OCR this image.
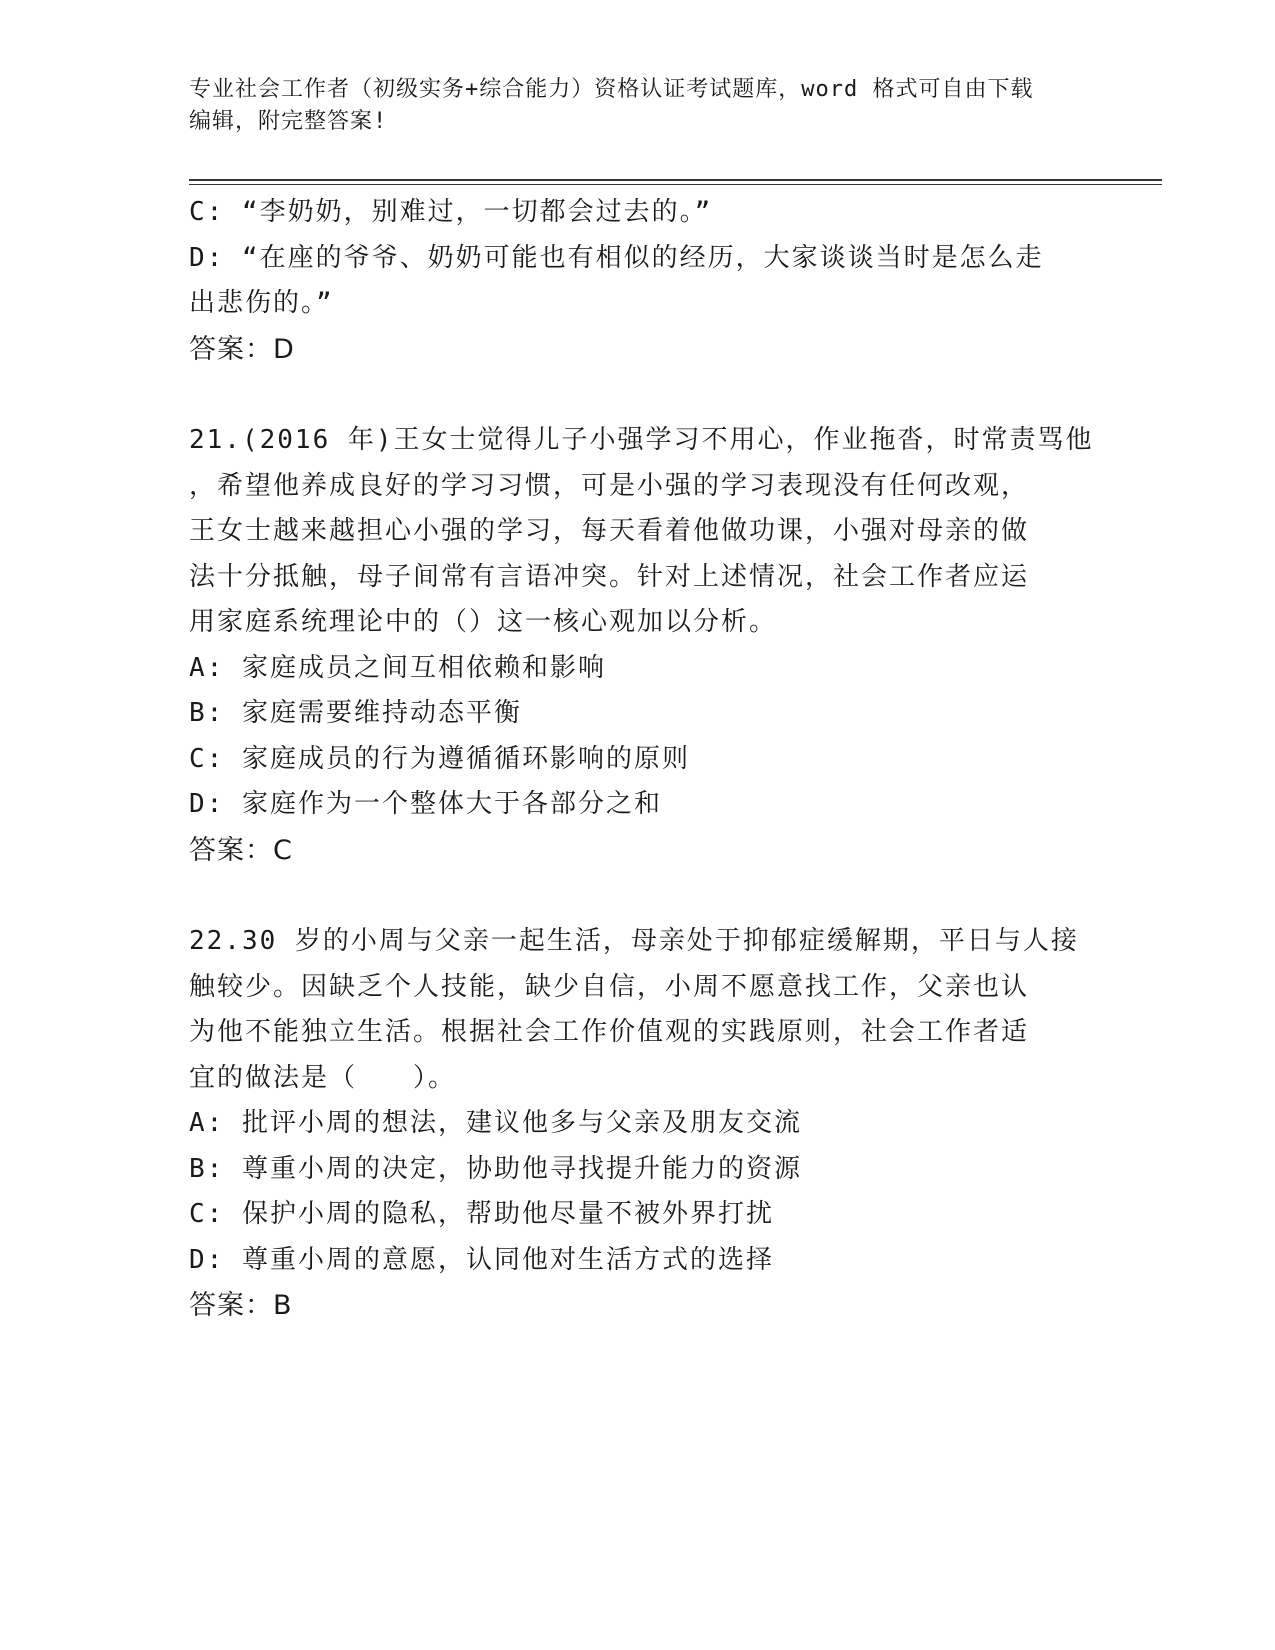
专业社会工作者（初级实务+综合能力）资格认证考试题库，word 格式可自由下载
编辑，附完整答案!
C: “李奶奶，别难过，一切都会过去的。”
D: “在座的爷爷、奶奶可能也有相似的经历，大家谈谈当时是怎么走
出悲伤的。”
答案：D
21.(2016 年)王女士觉得儿子小强学习不用心，作业拖沓，时常责骂他
，希望他养成良好的学习习惯，可是小强的学习表现没有任何改观，
王女士越来越担心小强的学习，每天看着他做功课，小强对母亲的做
法十分抵触，母子间常有言语冲突。针对上述情况，社会工作者应运
用家庭系统理论中的（）这一核心观加以分析。
A: 家庭成员之间互相依赖和影响
B: 家庭需要维持动态平衡
C: 家庭成员的行为遵循循环影响的原则
D: 家庭作为一个整体大于各部分之和
答案：C
22.30 岁的小周与父亲一起生活，母亲处于抑郁症缓解期，平日与人接
触较少。因缺乏个人技能，缺少自信，小周不愿意找工作，父亲也认
为他不能独立生活。根据社会工作价值观的实践原则，社会工作者适
宜的做法是（　　）。
A: 批评小周的想法，建议他多与父亲及朋友交流
B: 尊重小周的决定，协助他寻找提升能力的资源
C: 保护小周的隐私，帮助他尽量不被外界打扰
D: 尊重小周的意愿，认同他对生活方式的选择
答案：B
